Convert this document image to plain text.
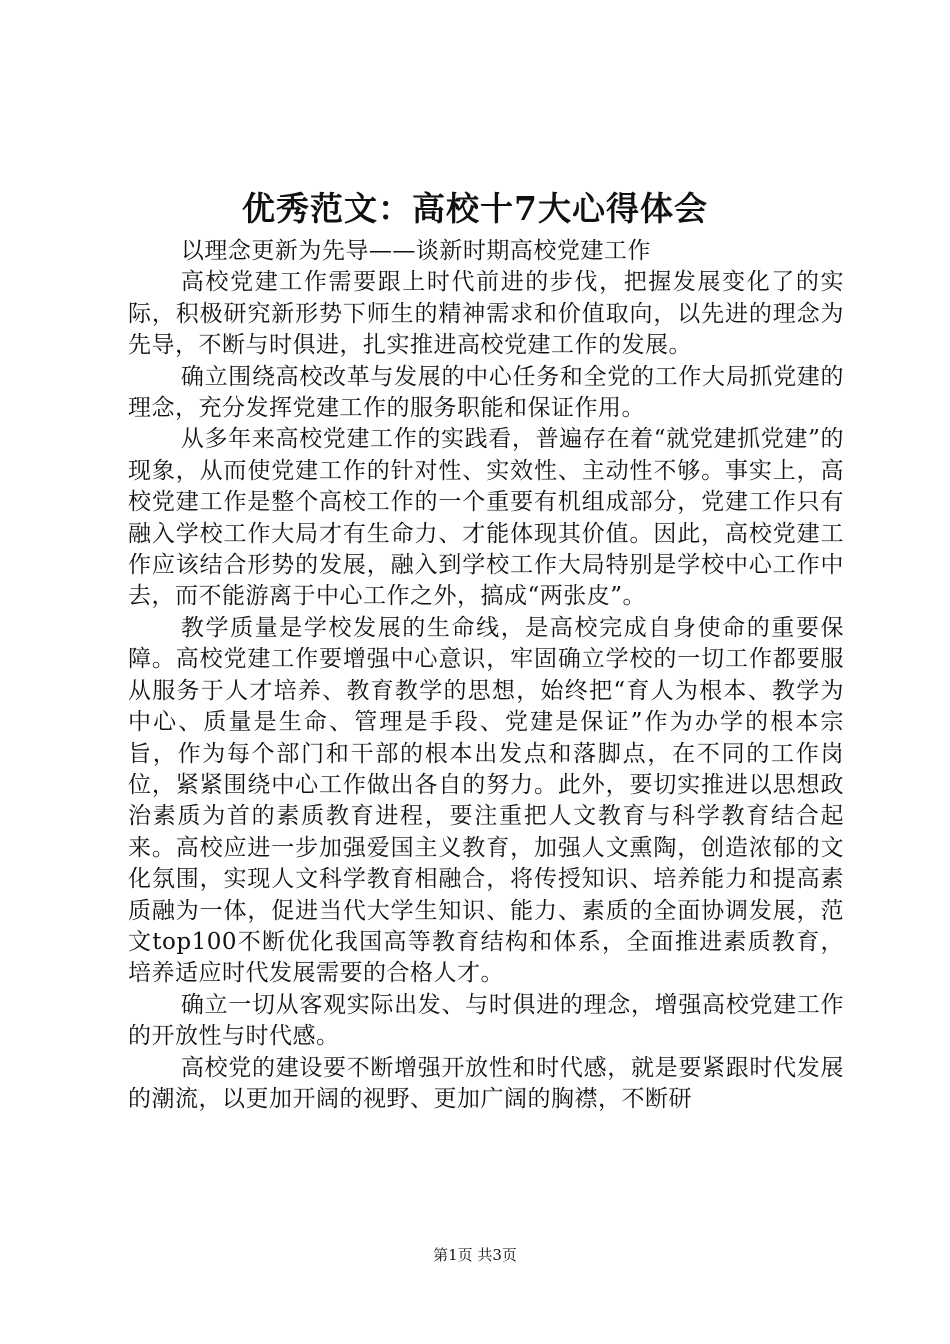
优秀范文：高校十7大心得体会

以理念更新为先导——谈新时期高校党建工作

高校党建工作需要跟上时代前进的步伐，把握发展变化了的实际，积极研究新形势下师生的精神需求和价值取向，以先进的理念为先导，不断与时俱进，扎实推进高校党建工作的发展。

确立围绕高校改革与发展的中心任务和全党的工作大局抓党建的理念，充分发挥党建工作的服务职能和保证作用。

从多年来高校党建工作的实践看，普遍存在着“就党建抓党建”的现象，从而使党建工作的针对性、实效性、主动性不够。事实上，高校党建工作是整个高校工作的一个重要有机组成部分，党建工作只有融入学校工作大局才有生命力、才能体现其价值。因此，高校党建工作应该结合形势的发展，融入到学校工作大局特别是学校中心工作中去，而不能游离于中心工作之外，搞成“两张皮”。

教学质量是学校发展的生命线，是高校完成自身使命的重要保障。高校党建工作要增强中心意识，牢固确立学校的一切工作都要服从服务于人才培养、教育教学的思想，始终把“育人为根本、教学为中心、质量是生命、管理是手段、党建是保证”作为办学的根本宗旨，作为每个部门和干部的根本出发点和落脚点，在不同的工作岗位，紧紧围绕中心工作做出各自的努力。此外，要切实推进以思想政治素质为首的素质教育进程，要注重把人文教育与科学教育结合起来。高校应进一步加强爱国主义教育，加强人文熏陶，创造浓郁的文化氛围，实现人文科学教育相融合，将传授知识、培养能力和提高素质融为一体，促进当代大学生知识、能力、素质的全面协调发展，范文top100不断优化我国高等教育结构和体系，全面推进素质教育，培养适应时代发展需要的合格人才。

确立一切从客观实际出发、与时俱进的理念，增强高校党建工作的开放性与时代感。

高校党的建设要不断增强开放性和时代感，就是要紧跟时代发展的潮流，以更加开阔的视野、更加广阔的胸襟，不断研

第1页 共3页
